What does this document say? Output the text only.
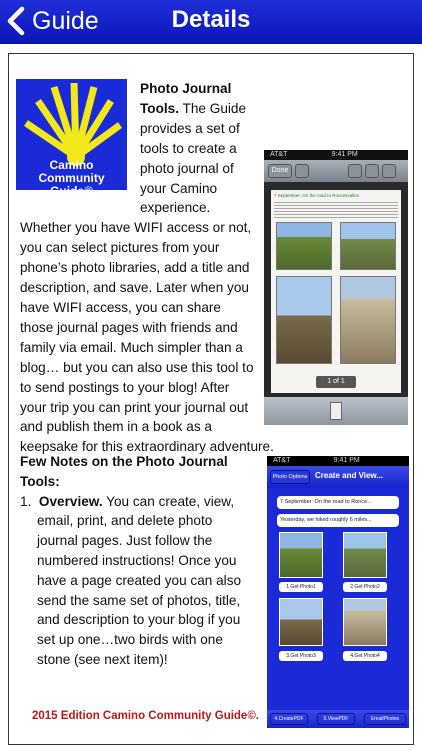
Guide	Details
Camino
Community Guide©
Photo Journal Tools. The Guide provides a set of tools to create a photo journal of your Camino experience. Whether you have WIFI access or not, you can select pictures from your phone’s photo libraries, add a title and description, and save. Later when you have WIFI access, you can share those journal pages with friends and family via email. Much simpler than a blog… but you can also use this tool to to send postings to your blog! After your trip you can print your journal out and publish them in a book as a keepsake for this extraordinary adventure.
AT&T	9:41 PM
Done
7 September: On the road to Roncesvalles
1 of 1
Few Notes on the Photo Journal Tools:
1. Overview. You can create, view, email, print, and delete photo journal pages. Just follow the numbered instructions! Once you have a page created you can also send the same set of photos, title, and description to your blog if you set up one…two birds with one stone (see next item)!
AT&T	9:41 PM
Photo Options Create and View...
7 September: On the road to Ronce...
Yesterday, we hiked roughly 6 miles...
1.Get Photo1	2.Get Photo2
3.Get Photo3	4.Get Photo4
4.CreatePDF	5.ViewPDF	EmailPhotos
2015 Edition Camino Community Guide©.
